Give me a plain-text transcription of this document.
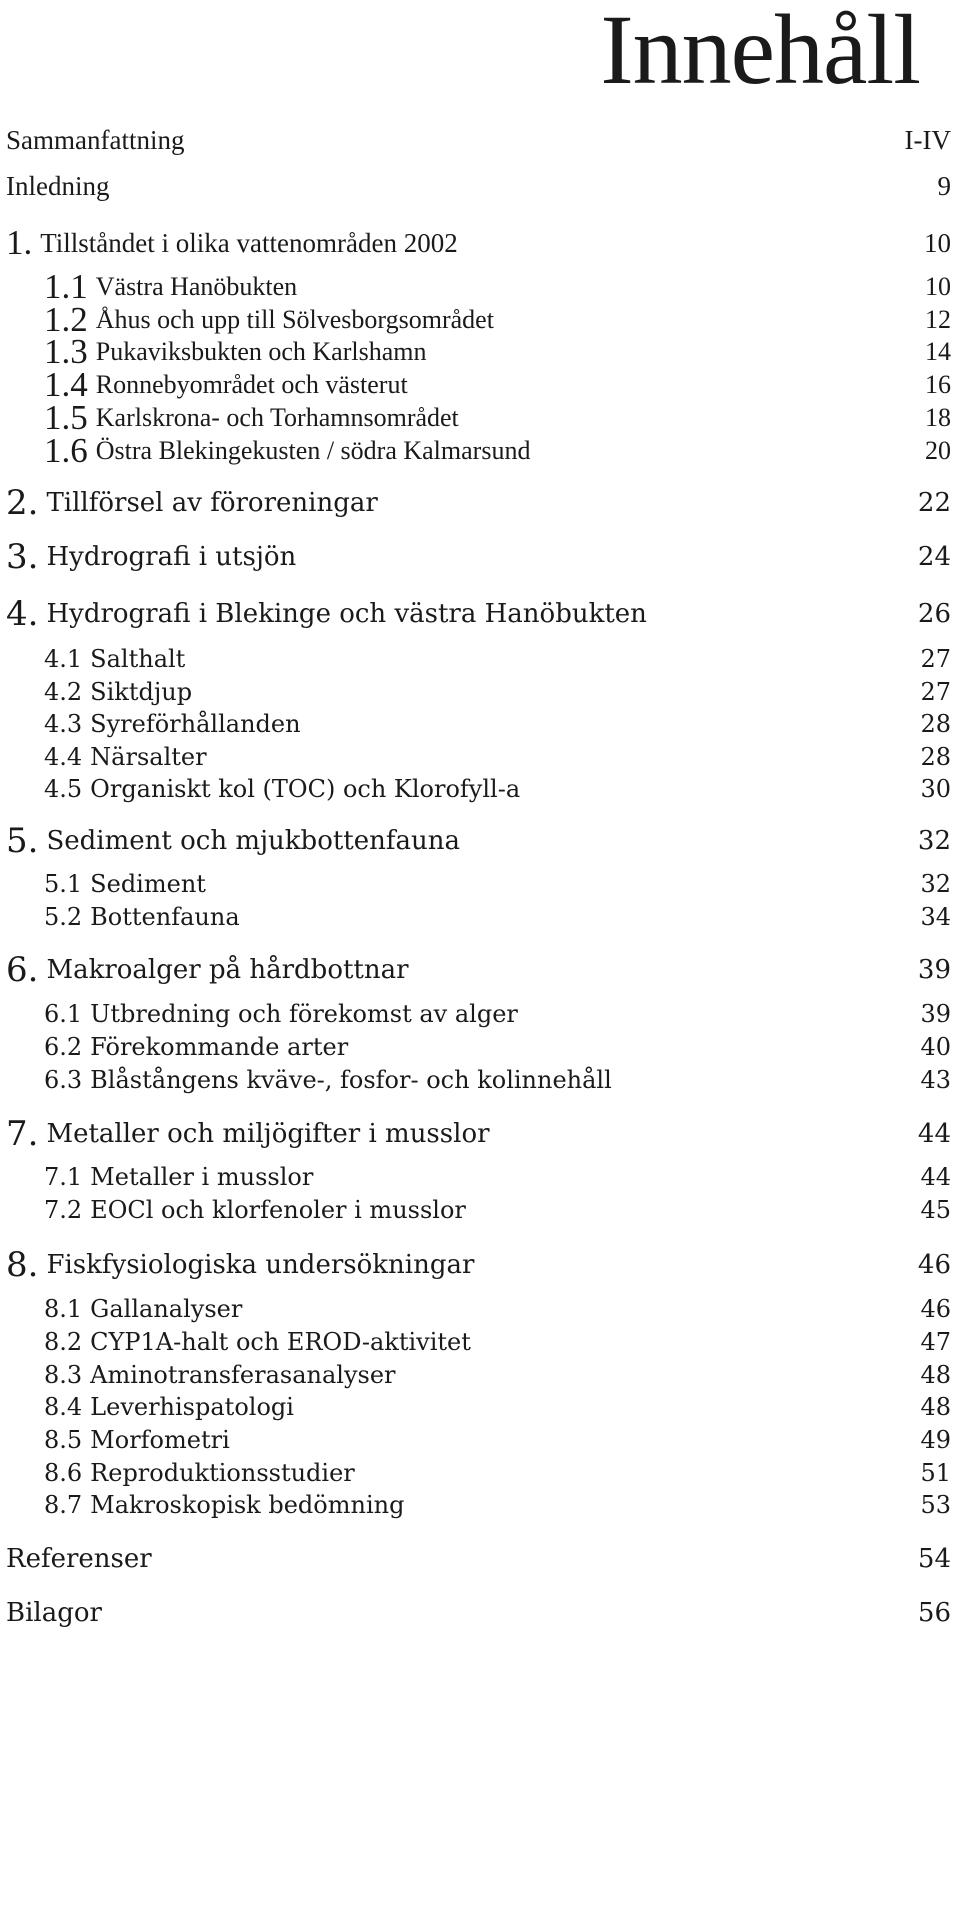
Innehåll
Sammanfattning	I-IV
Inledning	9
1. Tillståndet i olika vattenområden 2002	10
1.1 Västra Hanöbukten	10
1.2 Åhus och upp till Sölvesborgsområdet	12
1.3 Pukaviksbukten och Karlshamn	14
1.4 Ronnebyområdet och västerut	16
1.5 Karlskrona- och Torhamnsområdet	18
1.6 Östra Blekingekusten / södra Kalmarsund	20
2. Tillförsel av föroreningar	22
3. Hydrografi i utsjön	24
4. Hydrografi i Blekinge och västra Hanöbukten	26
4.1 Salthalt	27
4.2 Siktdjup	27
4.3 Syreförhållanden	28
4.4 Närsalter	28
4.5 Organiskt kol (TOC) och Klorofyll-a	30
5. Sediment och mjukbottenfauna	32
5.1 Sediment	32
5.2 Bottenfauna	34
6. Makroalger på hårdbottnar	39
6.1 Utbredning och förekomst av alger	39
6.2 Förekommande arter	40
6.3 Blåstångens kväve-, fosfor- och kolinnehåll	43
7. Metaller och miljögifter i musslor	44
7.1 Metaller i musslor	44
7.2 EOCl och klorfenoler i musslor	45
8. Fiskfysiologiska undersökningar	46
8.1 Gallanalyser	46
8.2 CYP1A-halt och EROD-aktivitet	47
8.3 Aminotransferasanalyser	48
8.4 Leverhispatologi	48
8.5 Morfometri	49
8.6 Reproduktionsstudier	51
8.7 Makroskopisk bedömning	53
Referenser	54
Bilagor	56
